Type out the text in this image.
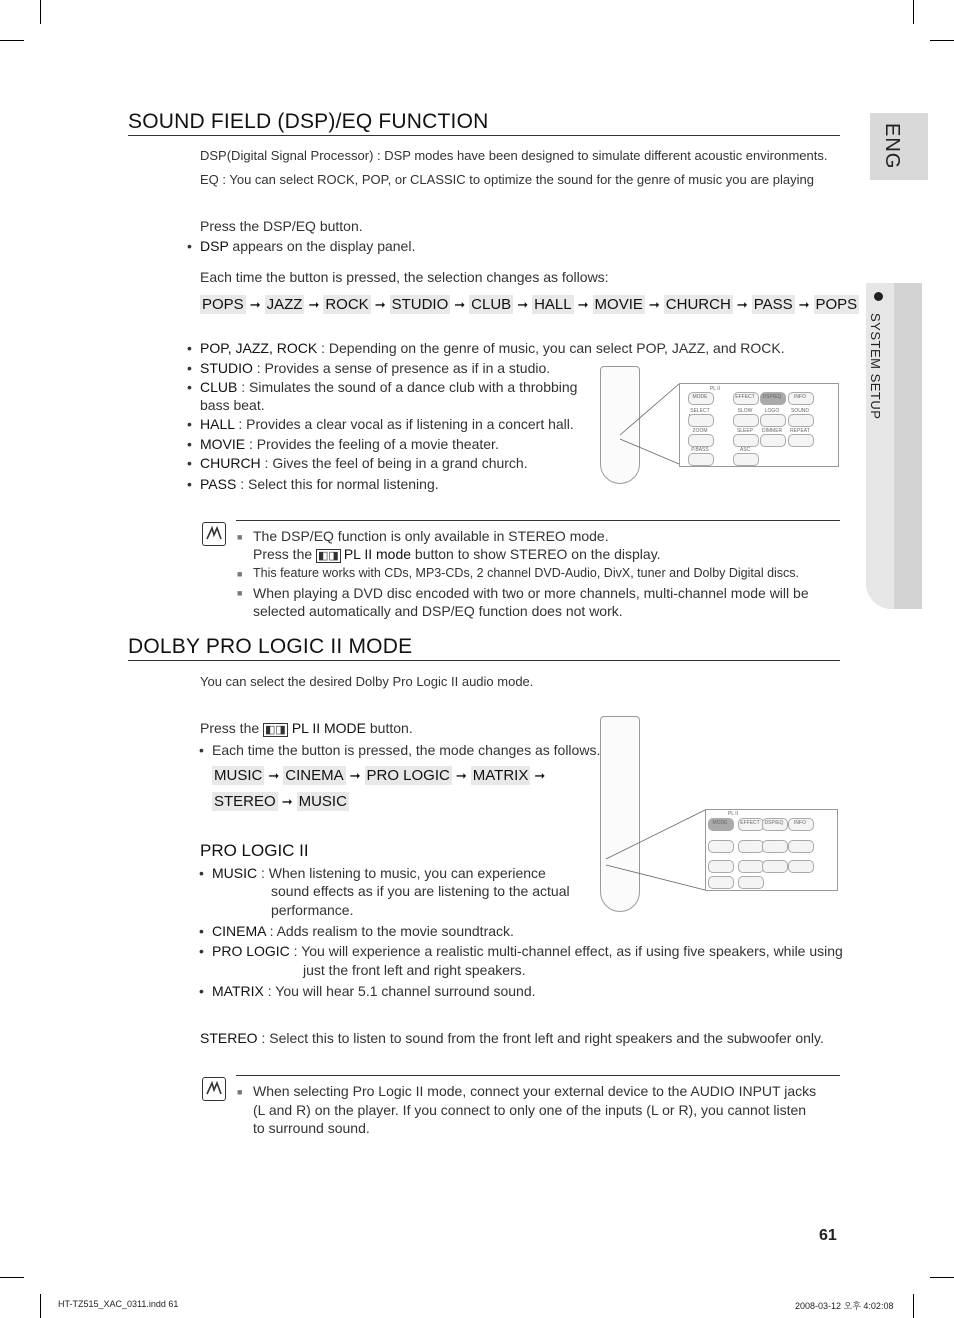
ENG
SYSTEM SETUP
SOUND FIELD (DSP)/EQ FUNCTION
DSP(Digital Signal Processor) : DSP modes have been designed to simulate different acoustic environments.
EQ : You can select ROCK, POP, or CLASSIC to optimize the sound for the genre of music you are playing
Press the DSP/EQ button.
• DSP appears on the display panel.
Each time the button is pressed, the selection changes as follows:
POPS ➞ JAZZ ➞ ROCK ➞ STUDIO ➞ CLUB ➞ HALL ➞ MOVIE ➞ CHURCH ➞ PASS ➞ POPS
• POP, JAZZ, ROCK : Depending on the genre of music, you can select POP, JAZZ, and ROCK.
• STUDIO : Provides a sense of presence as if in a studio.
• CLUB : Simulates the sound of a dance club with a throbbing
bass beat.
• HALL : Provides a clear vocal as if listening in a concert hall.
• MOVIE : Provides the feeling of a movie theater.
• CHURCH : Gives the feel of being in a grand church.
• PASS : Select this for normal listening.
PL II
MODE	EFFECT	DSP/EQ	INFO
SELECT	SLOW	LOGO	SOUND
ZOOM	SLEEP	DIMMER	REPEAT
P.BASS	ASC
■ The DSP/EQ function is only available in STEREO mode.
Press the ◧◨ PL II mode button to show STEREO on the display.
■ This feature works with CDs, MP3-CDs, 2 channel DVD-Audio, DivX, tuner and Dolby Digital discs.
■ When playing a DVD disc encoded with two or more channels, multi-channel mode will be
selected automatically and DSP/EQ function does not work.
DOLBY PRO LOGIC II MODE
You can select the desired Dolby Pro Logic II audio mode.
Press the ◧◨ PL II MODE button.
• Each time the button is pressed, the mode changes as follows.
MUSIC ➞ CINEMA ➞ PRO LOGIC ➞ MATRIX ➞
STEREO ➞ MUSIC
PRO LOGIC II
• MUSIC : When listening to music, you can experience
sound effects as if you are listening to the actual
performance.
• CINEMA : Adds realism to the movie soundtrack.
• PRO LOGIC : You will experience a realistic multi-channel effect, as if using five speakers, while using
just the front left and right speakers.
• MATRIX : You will hear 5.1 channel surround sound.
STEREO : Select this to listen to sound from the front left and right speakers and the subwoofer only.
PL II
MODE	EFFECT DSP/EQ	INFO
■ When selecting Pro Logic II mode, connect your external device to the AUDIO INPUT jacks
(L and R) on the player. If you connect to only one of the inputs (L or R), you cannot listen
to surround sound.
61
HT-TZ515_XAC_0311.indd 61	2008-03-12 오후 4:02:08
